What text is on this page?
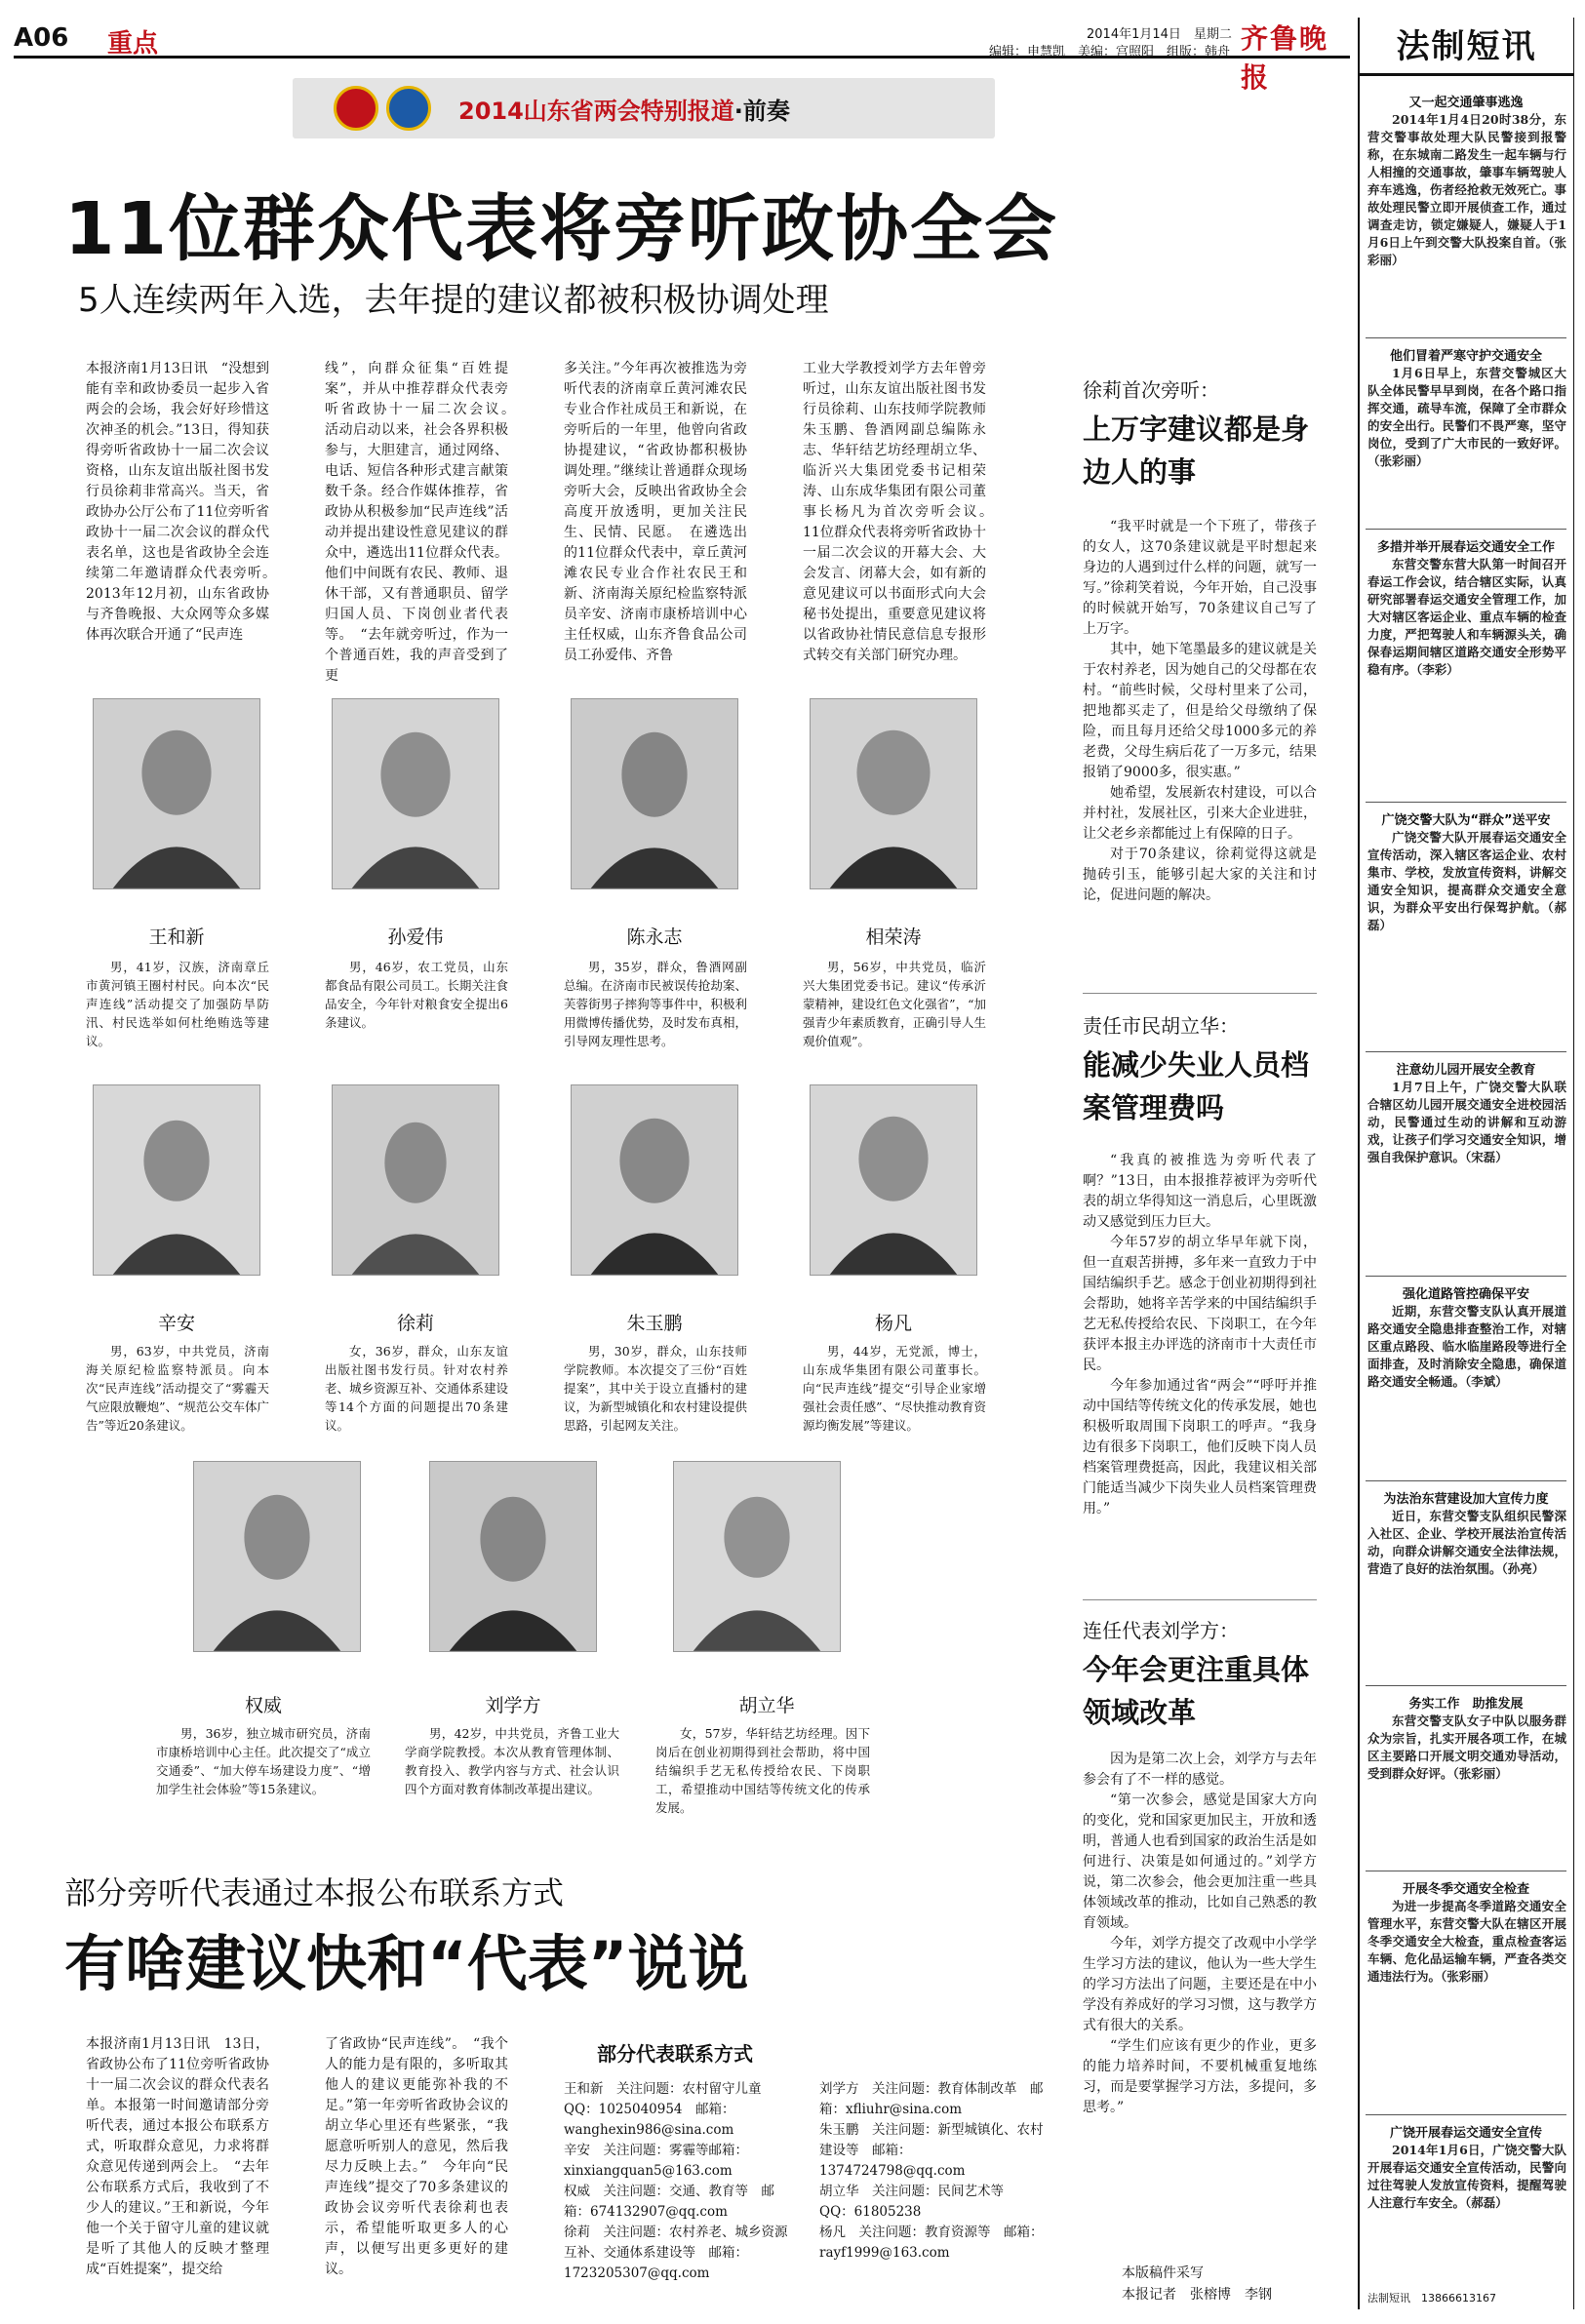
A06 重点	2014年1月14日　星期二
编辑：申慧凯　美编：宫照阳　组版：韩舟 齐鲁晚报
2014山东省两会特别报道·前奏
11位群众代表将旁听政协全会
5人连续两年入选，去年提的建议都被积极协调处理
本报济南1月13日讯　“没想到能有幸和政协委员一起步入省两会的会场，我会好好珍惜这次神圣的机会。”13日，得知获得旁听省政协十一届二次会议资格，山东友谊出版社图书发行员徐莉非常高兴。当天，省政协办公厅公布了11位旁听省政协十一届二次会议的群众代表名单，这也是省政协全会连续第二年邀请群众代表旁听。　2013年12月初，山东省政协与齐鲁晚报、大众网等众多媒体再次联合开通了“民声连
线”，向群众征集“百姓提案”，并从中推荐群众代表旁听省政协十一届二次会议。　活动启动以来，社会各界积极参与，大胆建言，通过网络、电话、短信各种形式建言献策数千条。经合作媒体推荐，省政协从积极参加“民声连线”活动并提出建设性意见建议的群众中，遴选出11位群众代表。他们中间既有农民、教师、退休干部，又有普通职员、留学归国人员、下岗创业者代表等。　“去年就旁听过，作为一个普通百姓，我的声音受到了更
多关注。”今年再次被推选为旁听代表的济南章丘黄河滩农民专业合作社成员王和新说，在旁听后的一年里，他曾向省政协提建议，“省政协都积极协调处理。”继续让普通群众现场旁听大会，反映出省政协全会高度开放透明，更加关注民生、民情、民愿。　在遴选出的11位群众代表中，章丘黄河滩农民专业合作社农民王和新、济南海关原纪检监察特派员辛安、济南市康桥培训中心主任权威，山东齐鲁食品公司员工孙爱伟、齐鲁
工业大学教授刘学方去年曾旁听过，山东友谊出版社图书发行员徐莉、山东技师学院教师朱玉鹏、鲁酒网副总编陈永志、华轩结艺坊经理胡立华、临沂兴大集团党委书记相荣涛、山东成华集团有限公司董事长杨凡为首次旁听会议。　11位群众代表将旁听省政协十一届二次会议的开幕大会、大会发言、闭幕大会，如有新的意见建议可以书面形式向大会秘书处提出，重要意见建议将以省政协社情民意信息专报形式转交有关部门研究办理。
王和新	孙爱伟	陈永志	相荣涛
男，41岁，汉族，济南章丘市黄河镇王圈村村民。向本次“民声连线”活动提交了加强防旱防汛、村民选举如何杜绝贿选等建议。
男，46岁，农工党员，山东都食品有限公司员工。长期关注食品安全，今年针对粮食安全提出6条建议。
男，35岁，群众，鲁酒网副总编。在济南市民被误传抢劫案、芙蓉街男子摔狗等事件中，积极利用微博传播优势，及时发布真相，引导网友理性思考。
男，56岁，中共党员，临沂兴大集团党委书记。建议“传承沂蒙精神，建设红色文化强省”，“加强青少年素质教育，正确引导人生观价值观”。
辛安	徐莉	朱玉鹏	杨凡
男，63岁，中共党员，济南海关原纪检监察特派员。向本次“民声连线”活动提交了“雾霾天气应限放鞭炮”、“规范公交车体广告”等近20条建议。
女，36岁，群众，山东友谊出版社图书发行员。针对农村养老、城乡资源互补、交通体系建设等14个方面的问题提出70条建议。
男，30岁，群众，山东技师学院教师。本次提交了三份“百姓提案”，其中关于设立直播村的建议，为新型城镇化和农村建设提供思路，引起网友关注。
男，44岁，无党派，博士，山东成华集团有限公司董事长。向“民声连线”提交“引导企业家增强社会责任感”、“尽快推动教育资源均衡发展”等建议。
权威	刘学方	胡立华
男，36岁，独立城市研究员，济南市康桥培训中心主任。此次提交了“成立交通委”、“加大停车场建设力度”、“增加学生社会体验”等15条建议。
男，42岁，中共党员，齐鲁工业大学商学院教授。本次从教育管理体制、教育投入、教学内容与方式、社会认识四个方面对教育体制改革提出建议。
女，57岁，华轩结艺坊经理。因下岗后在创业初期得到社会帮助，将中国结编织手艺无私传授给农民、下岗职工，希望推动中国结等传统文化的传承发展。
徐莉首次旁听：
上万字建议都是身边人的事

“我平时就是一个下班了，带孩子的女人，这70条建议就是平时想起来身边的人遇到过什么样的问题，就写一写。”徐莉笑着说，今年开始，自己没事的时候就开始写，70条建议自己写了上万字。

其中，她下笔墨最多的建议就是关于农村养老，因为她自己的父母都在农村。“前些时候，父母村里来了公司，把地都买走了，但是给父母缴纳了保险，而且每月还给父母1000多元的养老费，父母生病后花了一万多元，结果报销了9000多，很实惠。”

她希望，发展新农村建设，可以合并村社，发展社区，引来大企业进驻，让父老乡亲都能过上有保障的日子。

对于70条建议，徐莉觉得这就是抛砖引玉，能够引起大家的关注和讨论，促进问题的解决。

责任市民胡立华：
能减少失业人员档案管理费吗

“我真的被推选为旁听代表了啊？”13日，由本报推荐被评为旁听代表的胡立华得知这一消息后，心里既激动又感觉到压力巨大。

今年57岁的胡立华早年就下岗，但一直艰苦拼搏，多年来一直致力于中国结编织手艺。感念于创业初期得到社会帮助，她将辛苦学来的中国结编织手艺无私传授给农民、下岗职工，在今年获评本报主办评选的济南市十大责任市民。

今年参加通过省“两会”“呼吁并推动中国结等传统文化的传承发展，她也积极听取周围下岗职工的呼声。“我身边有很多下岗职工，他们反映下岗人员档案管理费挺高，因此，我建议相关部门能适当减少下岗失业人员档案管理费用。”

连任代表刘学方：
今年会更注重具体领域改革

因为是第二次上会，刘学方与去年参会有了不一样的感觉。

“第一次参会，感觉是国家大方向的变化，党和国家更加民主，开放和透明，普通人也看到国家的政治生活是如何进行、决策是如何通过的。”刘学方说，第二次参会，他会更加注重一些具体领域改革的推动，比如自己熟悉的教育领域。

今年，刘学方提交了改观中小学学生学习方法的建议，他认为一些大学生的学习方法出了问题，主要还是在中小学没有养成好的学习习惯，这与教学方式有很大的关系。

“学生们应该有更少的作业，更多的能力培养时间，不要机械重复地练习，而是要掌握学习方法，多提问，多思考。”

部分旁听代表通过本报公布联系方式
有啥建议快和“代表”说说
本报济南1月13日讯　13日，省政协公布了11位旁听省政协十一届二次会议的群众代表名单。本报第一时间邀请部分旁听代表，通过本报公布联系方式，听取群众意见，力求将群众意见传递到两会上。　“去年公布联系方式后，我收到了不少人的建议。”王和新说，今年他一个关于留守儿童的建议就是听了其他人的反映才整理成“百姓提案”，提交给
了省政协“民声连线”。　“我个人的能力是有限的，多听取其他人的建议更能弥补我的不足。”第一年旁听省政协会议的胡立华心里还有些紧张，“我愿意听听别人的意见，然后我尽力反映上去。”　今年向“民声连线”提交了70多条建议的政协会议旁听代表徐莉也表示，希望能听取更多人的心声，以便写出更多更好的建议。
部分代表联系方式
王和新　关注问题：农村留守儿童　QQ：1025040954　邮箱：wanghexin986@sina.com
辛安　关注问题：雾霾等邮箱：xinxiangquan5@163.com
权威　关注问题：交通、教育等　邮箱：674132907@qq.com
徐莉　关注问题：农村养老、城乡资源互补、交通体系建设等　邮箱：1723205307@qq.com
刘学方　关注问题：教育体制改革　邮箱：xfliuhr@sina.com
朱玉鹏　关注问题：新型城镇化、农村建设等　邮箱：1374724798@qq.com
胡立华　关注问题：民间艺术等　QQ：61805238
杨凡　关注问题：教育资源等　邮箱：rayf1999@163.com
本版稿件采写
本报记者　张榕博　李钢
法制短讯
又一起交通肇事逃逸

2014年1月4日20时38分，东营交警事故处理大队民警接到报警称，在东城南二路发生一起车辆与行人相撞的交通事故，肇事车辆驾驶人弃车逃逸，伤者经抢救无效死亡。事故处理民警立即开展侦查工作，通过调查走访，锁定嫌疑人，嫌疑人于1月6日上午到交警大队投案自首。（张彩丽）

他们冒着严寒守护交通安全

1月6日早上，东营交警城区大队全体民警早早到岗，在各个路口指挥交通，疏导车流，保障了全市群众的安全出行。民警们不畏严寒，坚守岗位，受到了广大市民的一致好评。（张彩丽）

多措并举开展春运交通安全工作

东营交警东营大队第一时间召开春运工作会议，结合辖区实际，认真研究部署春运交通安全管理工作，加大对辖区客运企业、重点车辆的检查力度，严把驾驶人和车辆源头关，确保春运期间辖区道路交通安全形势平稳有序。（李彩）

广饶交警大队为“群众”送平安

广饶交警大队开展春运交通安全宣传活动，深入辖区客运企业、农村集市、学校，发放宣传资料，讲解交通安全知识，提高群众交通安全意识，为群众平安出行保驾护航。（郝磊）

注意幼儿园开展安全教育

1月7日上午，广饶交警大队联合辖区幼儿园开展交通安全进校园活动，民警通过生动的讲解和互动游戏，让孩子们学习交通安全知识，增强自我保护意识。（宋磊）

强化道路管控确保平安

近期，东营交警支队认真开展道路交通安全隐患排查整治工作，对辖区重点路段、临水临崖路段等进行全面排查，及时消除安全隐患，确保道路交通安全畅通。（李斌）

为法治东营建设加大宣传力度

近日，东营交警支队组织民警深入社区、企业、学校开展法治宣传活动，向群众讲解交通安全法律法规，营造了良好的法治氛围。（孙亮）

务实工作　助推发展

东营交警支队女子中队以服务群众为宗旨，扎实开展各项工作，在城区主要路口开展文明交通劝导活动，受到群众好评。（张彩丽）

开展冬季交通安全检查

为进一步提高冬季道路交通安全管理水平，东营交警大队在辖区开展冬季交通安全大检查，重点检查客运车辆、危化品运输车辆，严查各类交通违法行为。（张彩丽）

广饶开展春运交通安全宣传

2014年1月6日，广饶交警大队开展春运交通安全宣传活动，民警向过往驾驶人发放宣传资料，提醒驾驶人注意行车安全。（郝磊）

法制短讯　13866613167
